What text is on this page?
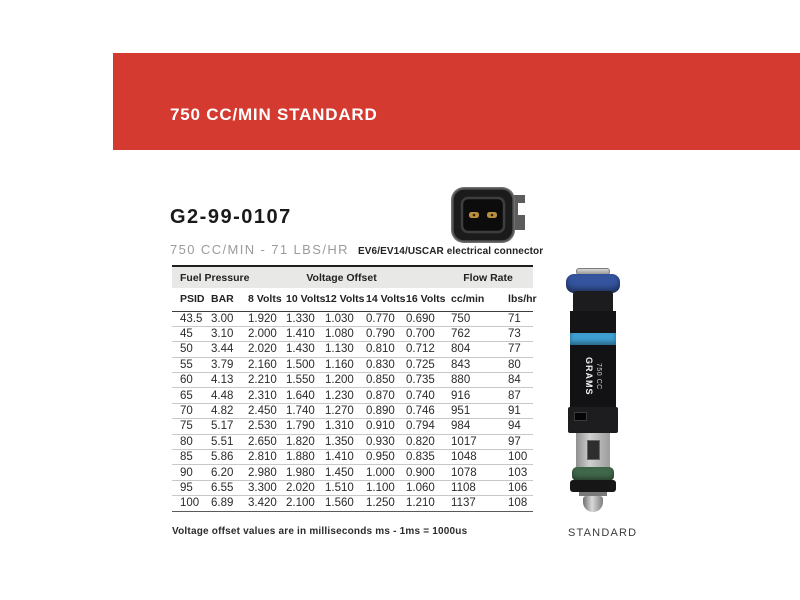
750 CC/MIN STANDARD
G2-99-0107
750 CC/MIN - 71 LBS/HR EV6/EV14/USCAR electrical connector
Fuel Pressure		Voltage Offset					Flow Rate	
PSID	BAR	8 Volts	10 Volts	12 Volts	14 Volts	16 Volts	cc/min	lbs/hr
43.5	3.00	1.920	1.330	1.030	0.770	0.690	750	71
45	3.10	2.000	1.410	1.080	0.790	0.700	762	73
50	3.44	2.020	1.430	1.130	0.810	0.712	804	77
55	3.79	2.160	1.500	1.160	0.830	0.725	843	80
60	4.13	2.210	1.550	1.200	0.850	0.735	880	84
65	4.48	2.310	1.640	1.230	0.870	0.740	916	87
70	4.82	2.450	1.740	1.270	0.890	0.746	951	91
75	5.17	2.530	1.790	1.310	0.910	0.794	984	94
80	5.51	2.650	1.820	1.350	0.930	0.820	1017	97
85	5.86	2.810	1.880	1.410	0.950	0.835	1048	100
90	6.20	2.980	1.980	1.450	1.000	0.900	1078	103
95	6.55	3.300	2.020	1.510	1.100	1.060	1108	106
100	6.89	3.420	2.100	1.560	1.250	1.210	1137	108
Voltage offset values are in milliseconds ms - 1ms = 1000us
GRAMS 750 CC
STANDARD
